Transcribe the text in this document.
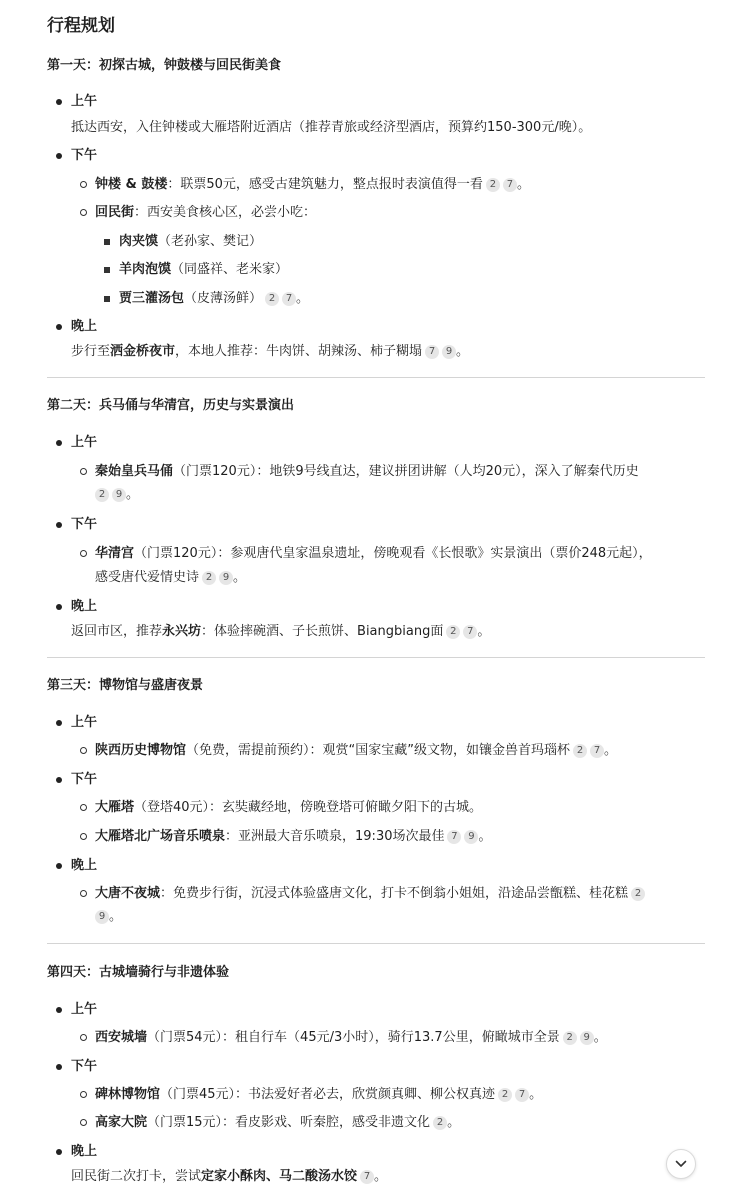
行程规划
第一天：初探古城，钟鼓楼与回民街美食
上午
抵达西安，入住钟楼或大雁塔附近酒店（推荐青旅或经济型酒店，预算约150-300元/晚）。
下午
钟楼 & 鼓楼：联票50元，感受古建筑魅力，整点报时表演值得一看 2 7 。
回民街：西安美食核心区，必尝小吃：
肉夹馍（老孙家、樊记）
羊肉泡馍（同盛祥、老米家）
贾三灌汤包（皮薄汤鲜） 2 7 。
晚上
步行至洒金桥夜市，本地人推荐：牛肉饼、胡辣汤、柿子糊塌 7 9 。
第二天：兵马俑与华清宫，历史与实景演出
上午
秦始皇兵马俑（门票120元）：地铁9号线直达，建议拼团讲解（人均20元），深入了解秦代历史
2 9 。
下午
华清宫（门票120元）：参观唐代皇家温泉遗址，傍晚观看《长恨歌》实景演出（票价248元起），
感受唐代爱情史诗 2 9 。
晚上
返回市区，推荐永兴坊：体验摔碗酒、子长煎饼、Biangbiang面 2 7 。
第三天：博物馆与盛唐夜景
上午
陕西历史博物馆（免费，需提前预约）：观赏“国家宝藏”级文物，如镶金兽首玛瑙杯 2 7 。
下午
大雁塔（登塔40元）：玄奘藏经地，傍晚登塔可俯瞰夕阳下的古城。
大雁塔北广场音乐喷泉：亚洲最大音乐喷泉，19:30场次最佳 7 9 。
晚上
大唐不夜城：免费步行街，沉浸式体验盛唐文化，打卡不倒翁小姐姐，沿途品尝甑糕、桂花糕 2
9 。
第四天：古城墙骑行与非遗体验
上午
西安城墙（门票54元）：租自行车（45元/3小时），骑行13.7公里，俯瞰城市全景 2 9 。
下午
碑林博物馆（门票45元）：书法爱好者必去，欣赏颜真卿、柳公权真迹 2 7 。
高家大院（门票15元）：看皮影戏、听秦腔，感受非遗文化 2 。
晚上
回民街二次打卡，尝试定家小酥肉、马二酸汤水饺 7 。
